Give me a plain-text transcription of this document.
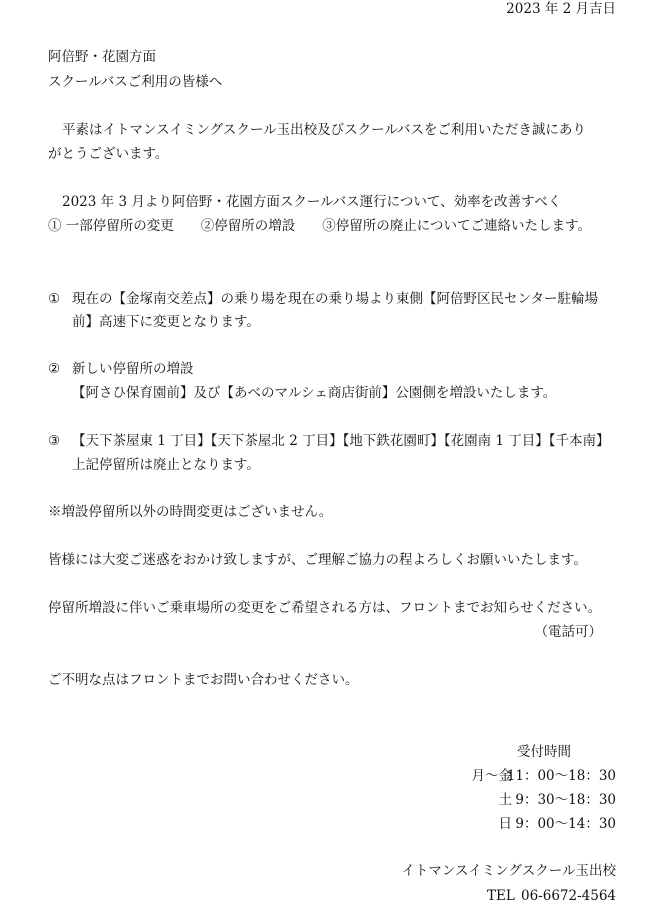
2023 年 2 月吉日
阿倍野・花園方面
スクールバスご利用の皆様へ
平素はイトマンスイミングスクール玉出校及びスクールバスをご利用いただき誠にあり
がとうございます。
2023 年 3 月より阿倍野・花園方面スクールバス運行について、効率を改善すべく
① 一部停留所の変更　　②停留所の増設　　③停留所の廃止についてご連絡いたします。
① 現在の【金塚南交差点】の乗り場を現在の乗り場より東側【阿倍野区民センター駐輪場
前】高速下に変更となります。
② 新しい停留所の増設
【阿さひ保育園前】及び【あべのマルシェ商店街前】公園側を増設いたします。
③ 【天下茶屋東 1 丁目】【天下茶屋北 2 丁目】【地下鉄花園町】【花園南 1 丁目】【千本南】
上記停留所は廃止となります。
※増設停留所以外の時間変更はございません。
皆様には大変ご迷惑をおかけ致しますが、ご理解ご協力の程よろしくお願いいたします。
停留所増設に伴いご乗車場所の変更をご希望される方は、フロントまでお知らせください。
（電話可）
ご不明な点はフロントまでお問い合わせください。
受付時間
月～金
11：00～18：30
土 9：30～18：30
日 9：00～14：30
イトマンスイミングスクール玉出校
TEL 06-6672-4564
